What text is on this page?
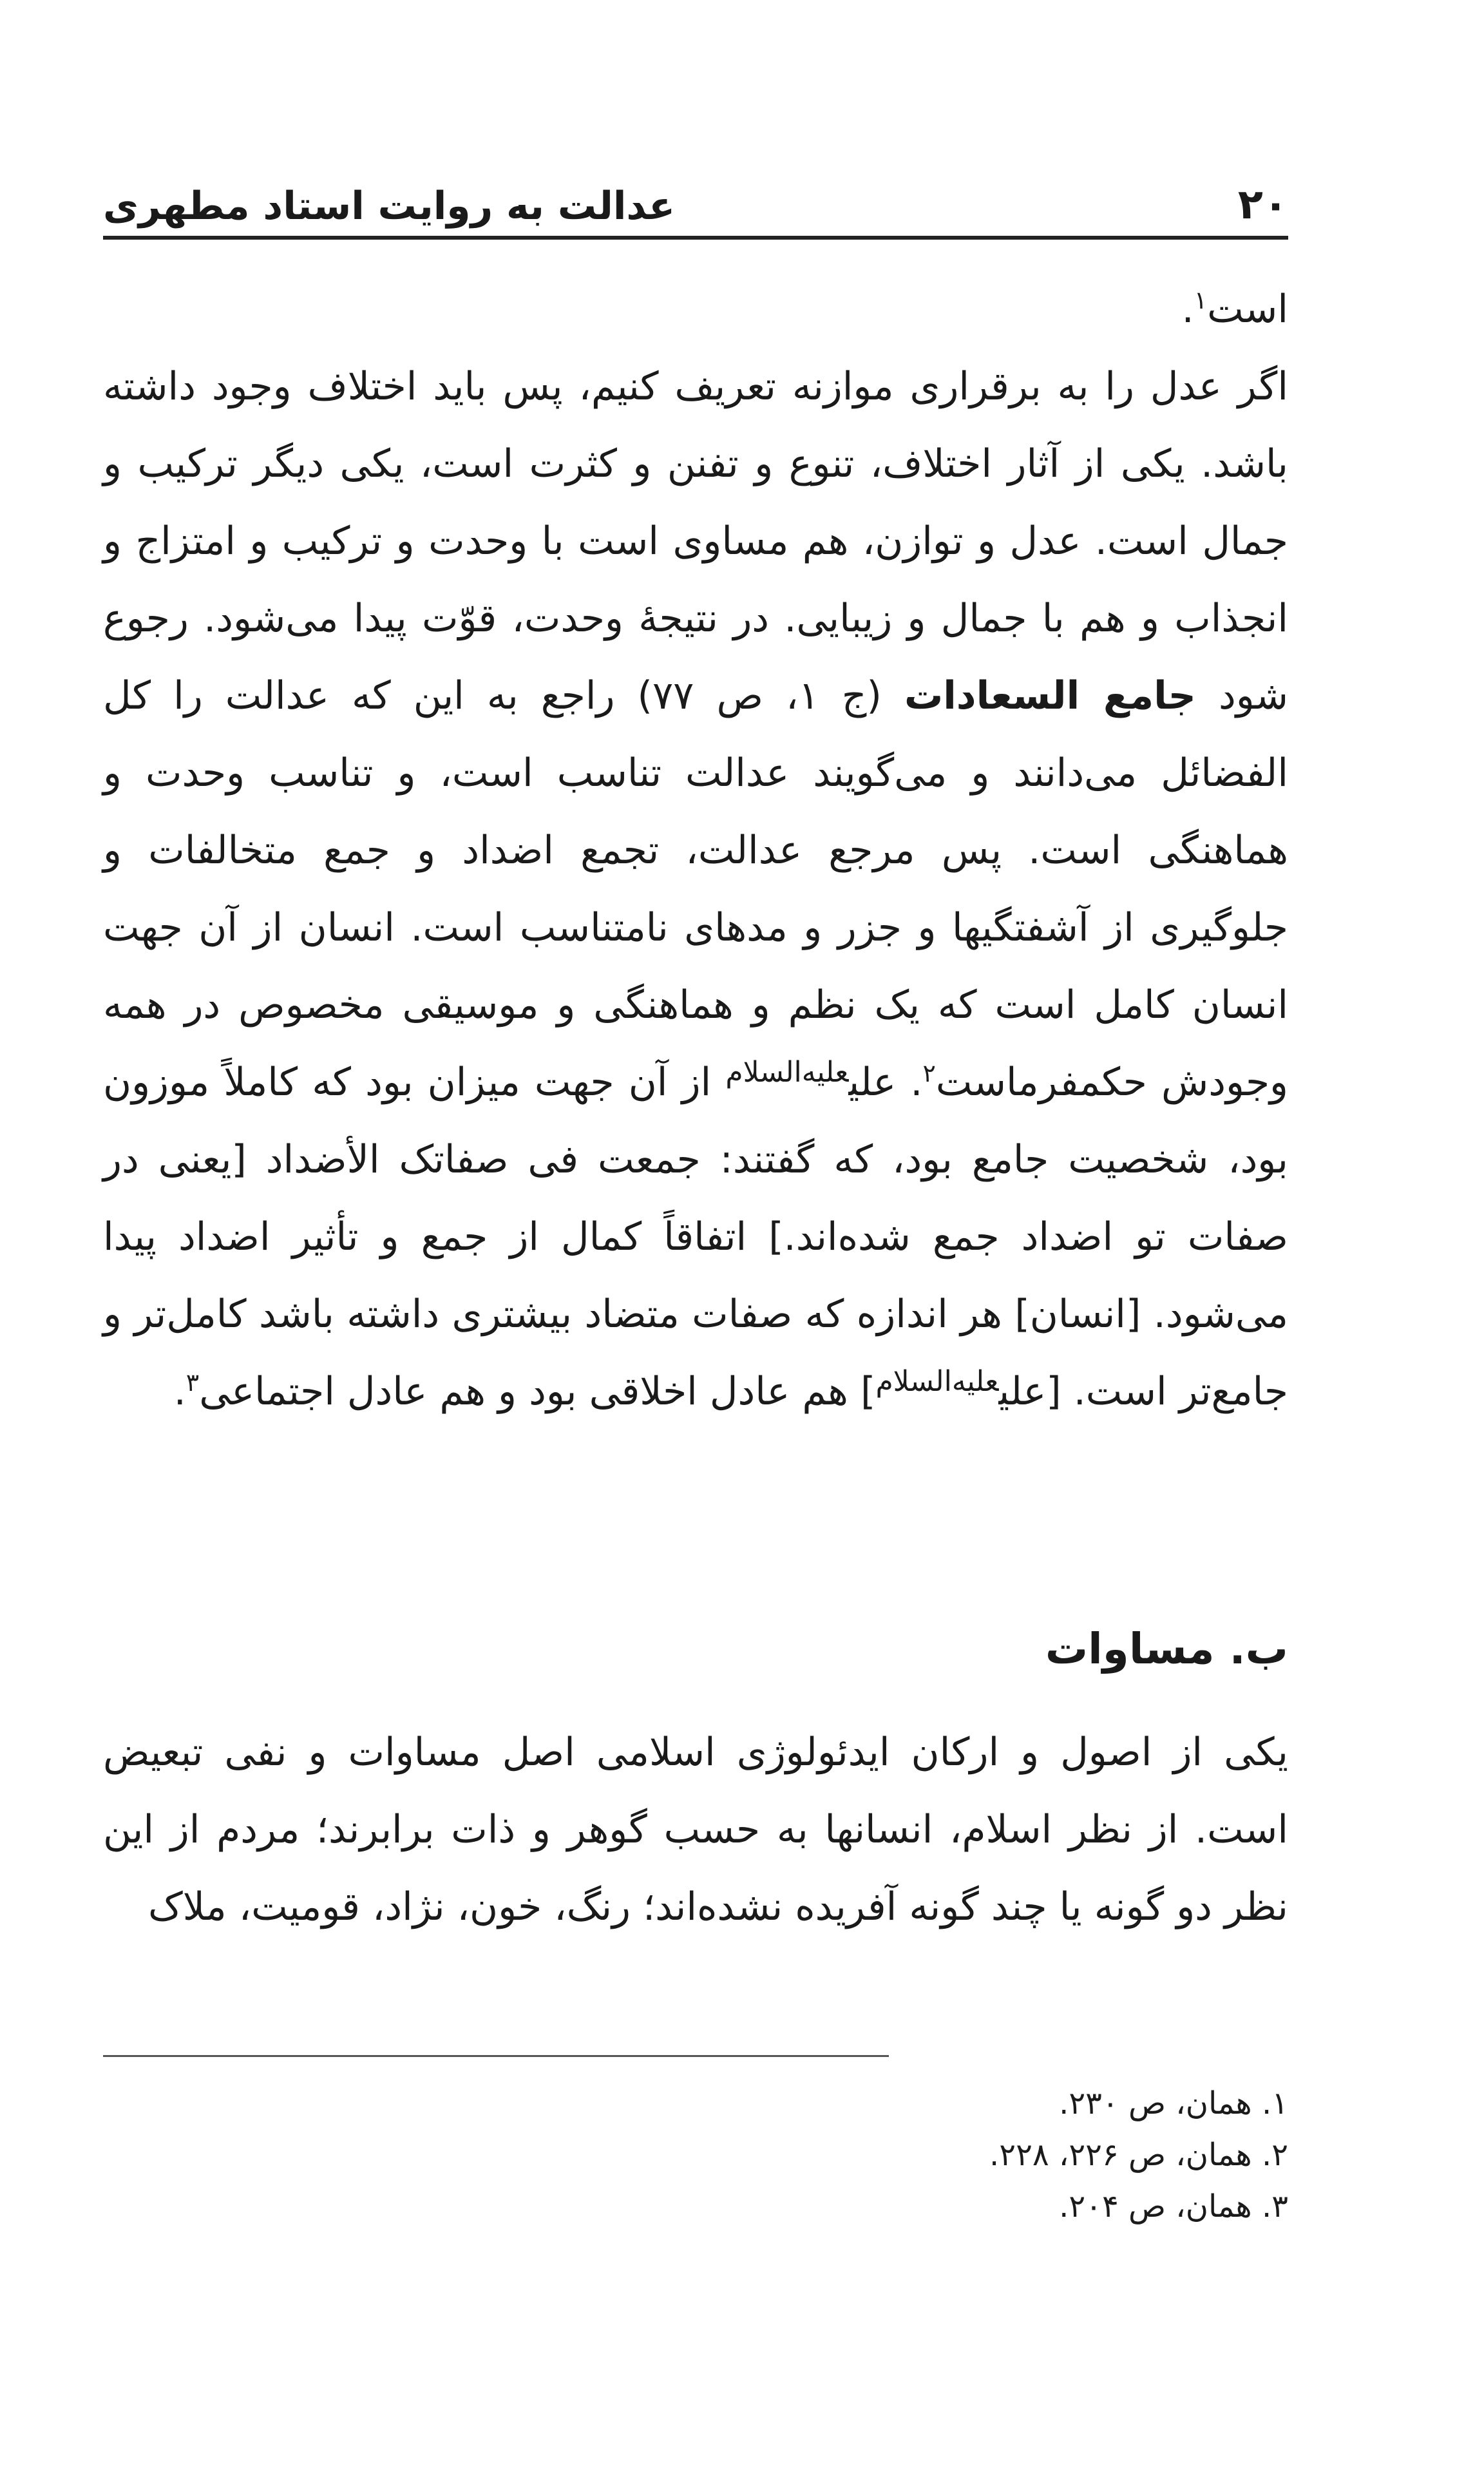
۲۰
عدالت به روایت استاد مطهری

است$^۱$.

اگر عدل را به برقراری موازنه تعریف کنیم، پس باید اختلاف وجود داشته باشد. یکی از آثار اختلاف، تنوع و تفنن و کثرت است، یکی دیگر ترکیب و جمال است. عدل و توازن، هم مساوی است با وحدت و ترکیب و امتزاج و انجذاب و هم با جمال و زیبایی. در نتیجهٔ وحدت، قوّت پیدا می‌شود. رجوع شود جامع السعادات (ج ۱، ص ۷۷) راجع به این که عدالت را کل الفضائل می‌دانند و می‌گویند عدالت تناسب است، و تناسب وحدت و هماهنگی است. پس مرجع عدالت، تجمع اضداد و جمع متخالفات و جلوگیری از آشفتگیها و جزر و مدهای نامتناسب است. انسان از آن جهت انسان کامل است که یک نظم و هماهنگی و موسیقی مخصوص در همه وجودش حکمفرماست$^۲$. علی$^{علیه‌السلام}$ از آن جهت میزان بود که کاملاً موزون بود، شخصیت جامع بود، که گفتند: جمعت فی صفاتک الأضداد [یعنی در صفات تو اضداد جمع شده‌اند.] اتفاقاً کمال از جمع و تأثیر اضداد پیدا می‌شود. [انسان] هر اندازه که صفات متضاد بیشتری داشته باشد کامل‌تر و جامع‌تر است. [علی$^{علیه‌السلام}$] هم عادل اخلاقی بود و هم عادل اجتماعی$^۳$.

ب. مساوات

یکی از اصول و ارکان ایدئولوژی اسلامی اصل مساوات و نفی تبعیض است. از نظر اسلام، انسانها به حسب گوهر و ذات برابرند؛ مردم از این نظر دو گونه یا چند گونه آفریده نشده‌اند؛ رنگ، خون، نژاد، قومیت، ملاک

۱. همان، ص ۲۳۰.
۲. همان، ص ۲۲۶، ۲۲۸.
۳. همان، ص ۲۰۴.
